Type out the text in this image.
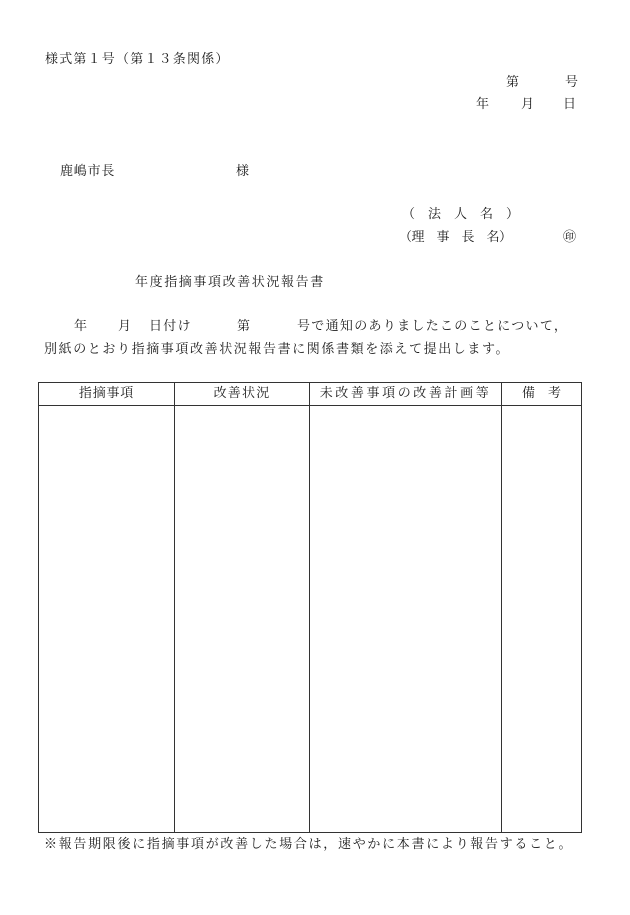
様式第１号（第１３条関係）
第	号
年 月 日
鹿嶋市長	様
（　法　人　名　）
（理　事　長　名）	㊞
年度指摘事項改善状況報告書
年 月 日付け	第	号で通知のありましたこのことについて，
別紙のとおり指摘事項改善状況報告書に関係書類を添えて提出します。
指摘事項	改善状況	未改善事項の改善計画等	備　考

※報告期限後に指摘事項が改善した場合は，速やかに本書により報告すること。
